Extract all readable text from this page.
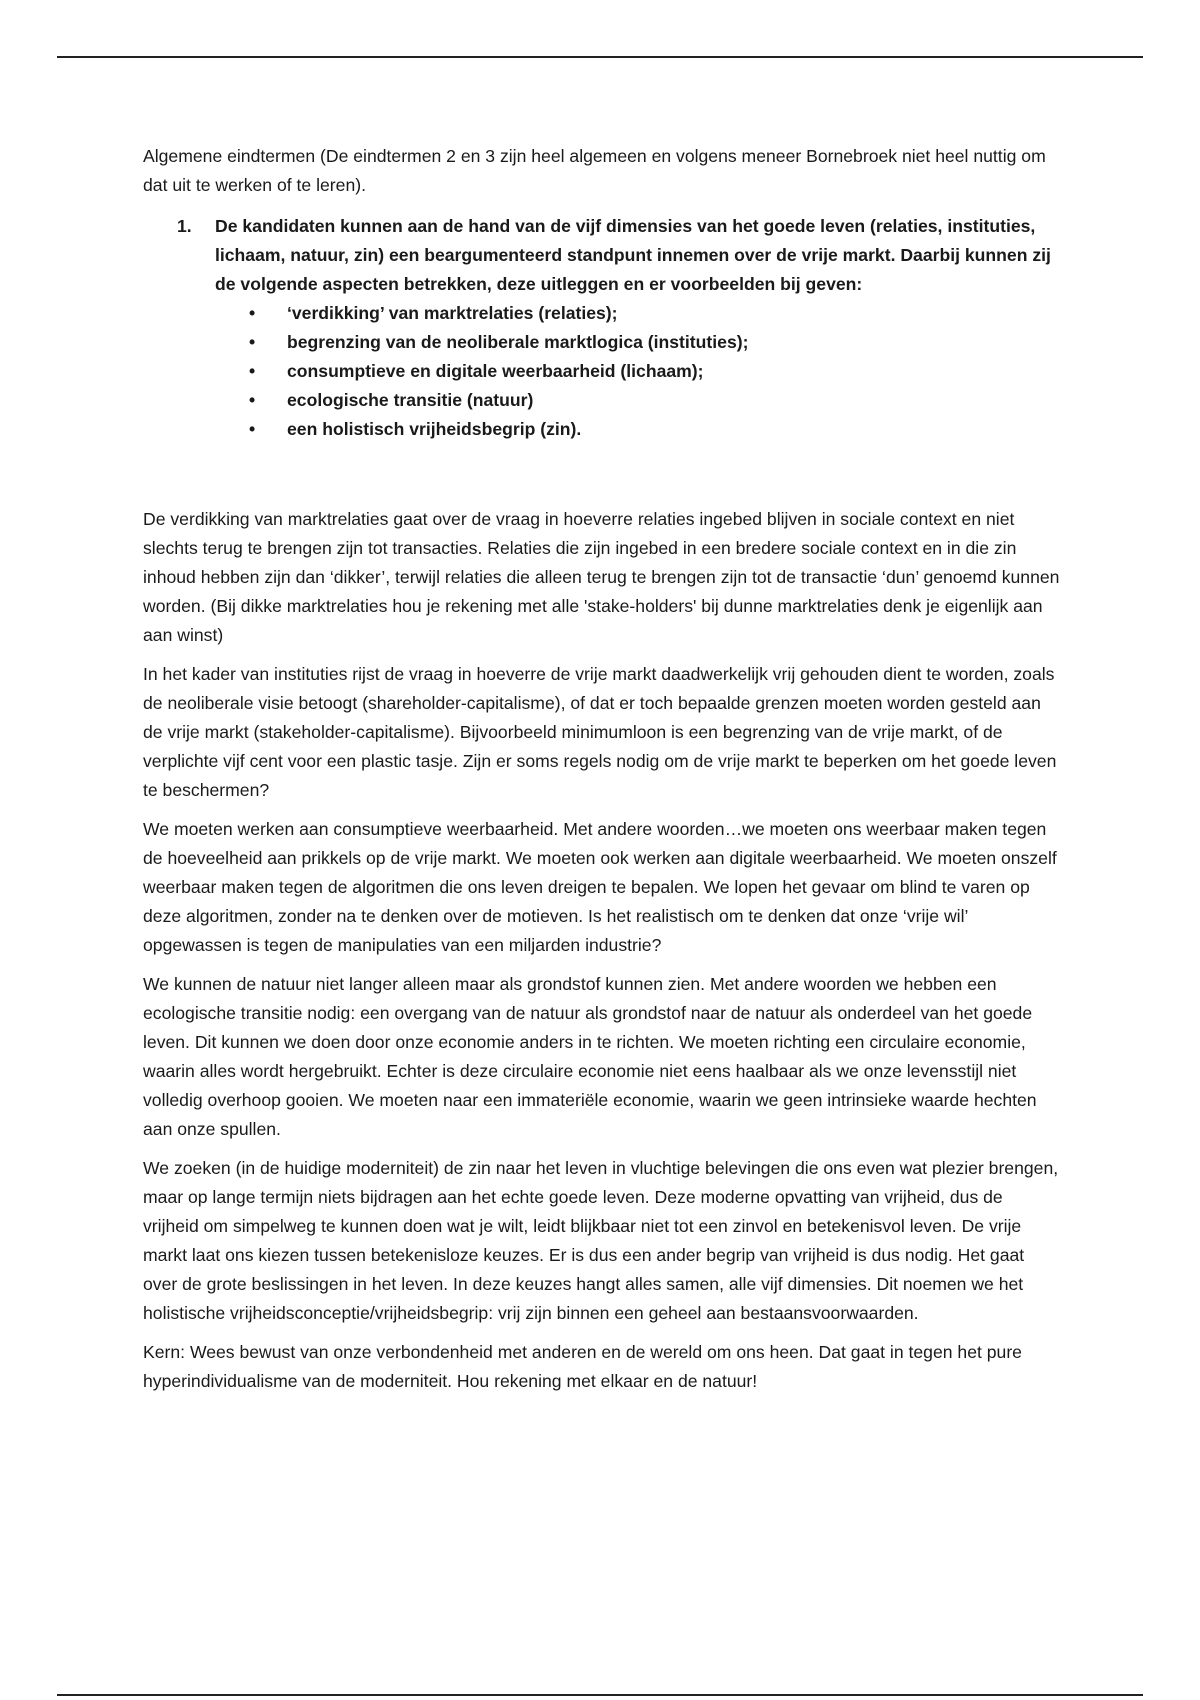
Algemene eindtermen (De eindtermen 2 en 3 zijn heel algemeen en volgens meneer Bornebroek niet heel nuttig om dat uit te werken of te leren).

1. De kandidaten kunnen aan de hand van de vijf dimensies van het goede leven (relaties, instituties, lichaam, natuur, zin) een beargumenteerd standpunt innemen over de vrije markt. Daarbij kunnen zij de volgende aspecten betrekken, deze uitleggen en er voorbeelden bij geven:
• ‘verdikking’ van marktrelaties (relaties);
• begrenzing van de neoliberale marktlogica (instituties);
• consumptieve en digitale weerbaarheid (lichaam);
• ecologische transitie (natuur)
• een holistisch vrijheidsbegrip (zin).

De verdikking van marktrelaties gaat over de vraag in hoeverre relaties ingebed blijven in sociale context en niet slechts terug te brengen zijn tot transacties. Relaties die zijn ingebed in een bredere sociale context en in die zin inhoud hebben zijn dan ‘dikker’, terwijl relaties die alleen terug te brengen zijn tot de transactie ‘dun’ genoemd kunnen worden. (Bij dikke marktrelaties hou je rekening met alle 'stake-holders' bij dunne marktrelaties denk je eigenlijk aan aan winst)

In het kader van instituties rijst de vraag in hoeverre de vrije markt daadwerkelijk vrij gehouden dient te worden, zoals de neoliberale visie betoogt (shareholder-capitalisme), of dat er toch bepaalde grenzen moeten worden gesteld aan de vrije markt (stakeholder-capitalisme). Bijvoorbeeld minimumloon is een begrenzing van de vrije markt, of de verplichte vijf cent voor een plastic tasje. Zijn er soms regels nodig om de vrije markt te beperken om het goede leven te beschermen?

We moeten werken aan consumptieve weerbaarheid. Met andere woorden…we moeten ons weerbaar maken tegen de hoeveelheid aan prikkels op de vrije markt. We moeten ook werken aan digitale weerbaarheid. We moeten onszelf weerbaar maken tegen de algoritmen die ons leven dreigen te bepalen. We lopen het gevaar om blind te varen op deze algoritmen, zonder na te denken over de motieven. Is het realistisch om te denken dat onze ‘vrije wil’ opgewassen is tegen de manipulaties van een miljarden industrie?

We kunnen de natuur niet langer alleen maar als grondstof kunnen zien. Met andere woorden we hebben een ecologische transitie nodig: een overgang van de natuur als grondstof naar de natuur als onderdeel van het goede leven. Dit kunnen we doen door onze economie anders in te richten. We moeten richting een circulaire economie, waarin alles wordt hergebruikt. Echter is deze circulaire economie niet eens haalbaar als we onze levensstijl niet volledig overhoop gooien. We moeten naar een immateriële economie, waarin we geen intrinsieke waarde hechten aan onze spullen.

We zoeken (in de huidige moderniteit) de zin naar het leven in vluchtige belevingen die ons even wat plezier brengen, maar op lange termijn niets bijdragen aan het echte goede leven. Deze moderne opvatting van vrijheid, dus de vrijheid om simpelweg te kunnen doen wat je wilt, leidt blijkbaar niet tot een zinvol en betekenisvol leven. De vrije markt laat ons kiezen tussen betekenisloze keuzes. Er is dus een ander begrip van vrijheid is dus nodig. Het gaat over de grote beslissingen in het leven. In deze keuzes hangt alles samen, alle vijf dimensies. Dit noemen we het holistische vrijheidsconceptie/vrijheidsbegrip: vrij zijn binnen een geheel aan bestaansvoorwaarden.

Kern: Wees bewust van onze verbondenheid met anderen en de wereld om ons heen. Dat gaat in tegen het pure hyperindividualisme van de moderniteit. Hou rekening met elkaar en de natuur!
